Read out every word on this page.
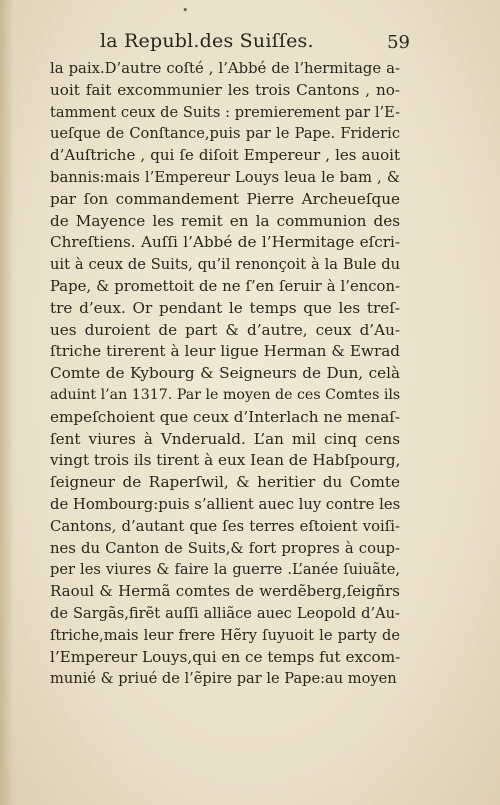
•
la Republ.des Suiſſes.	59
la paix.D’autre coſté , l’Abbé de l’hermitage a-
uoit fait excommunier les trois Cantons , no-
tamment ceux de Suits : premierement par l’E-
ueſque de Conſtance,puis par le Pape. Frideric
d’Auſtriche , qui ſe diſoit Empereur , les auoit
bannis:mais l’Empereur Louys leua le bam , &
par ſon commandement Pierre Archeueſque
de Mayence les remit en la communion des
Chreſtiens. Auſſi l’Abbé de l’Hermitage eſcri-
uit à ceux de Suits, qu’il renonçoit à la Bule du
Pape, & promettoit de ne ſ’en ſeruir à l’encon-
tre d’eux. Or pendant le temps que les treſ-
ues duroient de part & d’autre, ceux d’Au-
ſtriche tirerent à leur ligue Herman & Ewrad
Comte de Kybourg & Seigneurs de Dun, celà
aduint l’an 1317. Par le moyen de ces Comtes ils
empeſchoient que ceux d’Interlach ne menaſ-
ſent viures à Vnderuald. L’an mil cinq cens
vingt trois ils tirent à eux Iean de Habſpourg,
ſeigneur de Raperſwil, & heritier du Comte
de Hombourg:puis s’allient auec luy contre les
Cantons, d’autant que ſes terres eſtoient voiſi-
nes du Canton de Suits,& fort propres à coup-
per les viures & faire la guerre .L’anée ſuiuãte,
Raoul & Hermã comtes de werdẽberg,ſeigñrs
de Sargãs,firẽt auſſi alliãce auec Leopold d’Au-
ſtriche,mais leur frere Hẽry ſuyuoit le party de
l’Empereur Louys,qui en ce temps fut excom-
munié & priué de l’ẽpire par le Pape:au moyen
